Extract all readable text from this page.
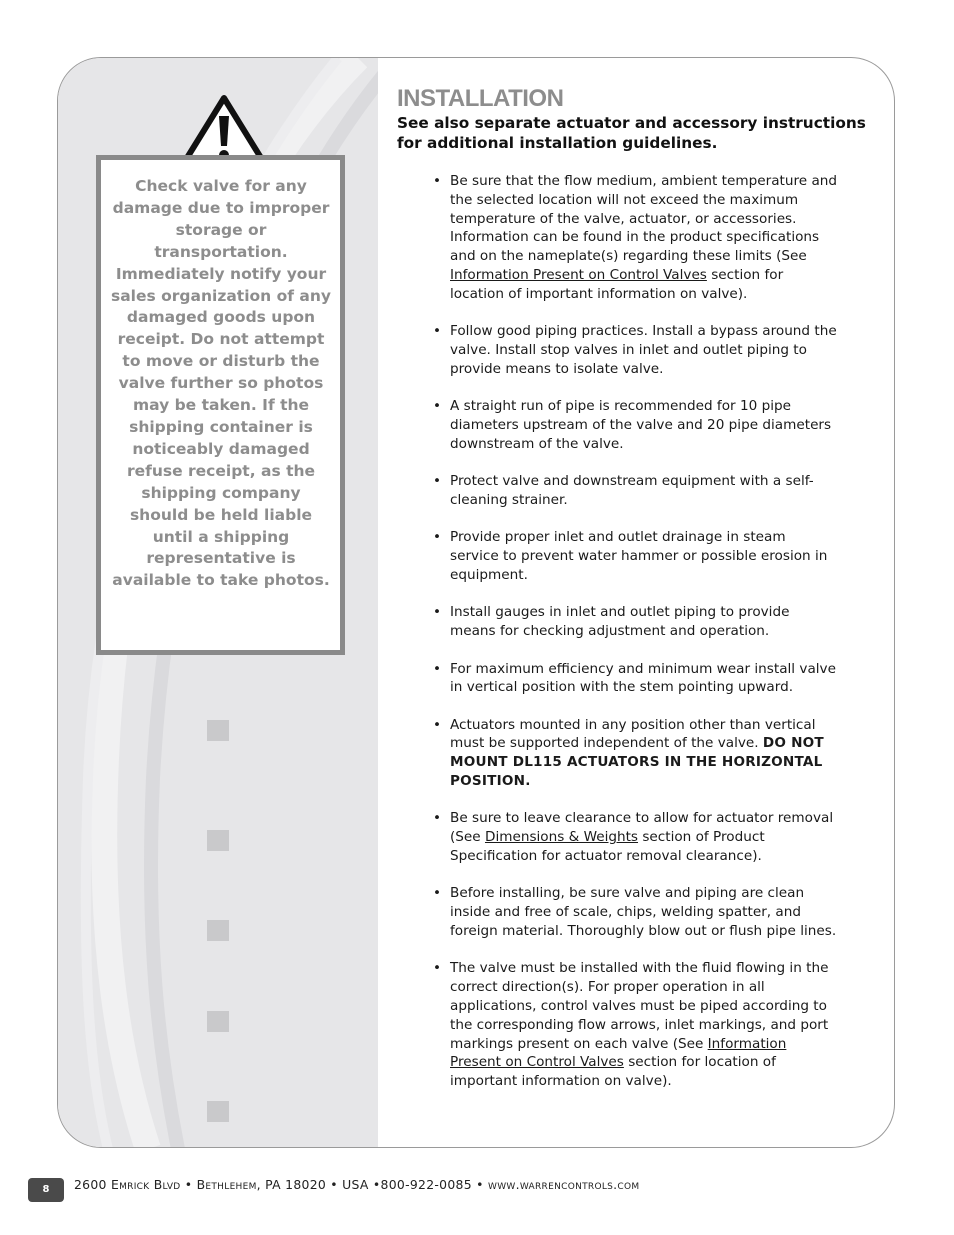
Check valve for any damage due to improper storage or transportation. Immediately notify your sales organization of any damaged goods upon receipt. Do not attempt to move or disturb the valve further so photos may be taken. If the shipping container is noticeably damaged refuse receipt, as the shipping company should be held liable until a shipping representative is available to take photos.
INSTALLATION

See also separate actuator and accessory instructions for additional installation guidelines.

• Be sure that the flow medium, ambient temperature and the selected location will not exceed the maximum temperature of the valve, actuator, or accessories. Information can be found in the product specifications and on the nameplate(s) regarding these limits (See Information Present on Control Valves section for location of important information on valve).
• Follow good piping practices. Install a bypass around the valve. Install stop valves in inlet and outlet piping to provide means to isolate valve.
• A straight run of pipe is recommended for 10 pipe diameters upstream of the valve and 20 pipe diameters downstream of the valve.
• Protect valve and downstream equipment with a self-cleaning strainer.
• Provide proper inlet and outlet drainage in steam service to prevent water hammer or possible erosion in equipment.
• Install gauges in inlet and outlet piping to provide means for checking adjustment and operation.
• For maximum efficiency and minimum wear install valve in vertical position with the stem pointing upward.
• Actuators mounted in any position other than vertical must be supported independent of the valve. DO NOT MOUNT DL115 ACTUATORS IN THE HORIZONTAL POSITION.
• Be sure to leave clearance to allow for actuator removal (See Dimensions & Weights section of Product Specification for actuator removal clearance).
• Before installing, be sure valve and piping are clean inside and free of scale, chips, welding spatter, and foreign material. Thoroughly blow out or flush pipe lines.
• The valve must be installed with the fluid flowing in the correct direction(s). For proper operation in all applications, control valves must be piped according to the corresponding flow arrows, inlet markings, and port markings present on each valve (See Information Present on Control Valves section for location of important information on valve).
8	2600 Emrick Blvd • Bethlehem, PA 18020 • USA •800-922-0085 • www.warrencontrols.com
